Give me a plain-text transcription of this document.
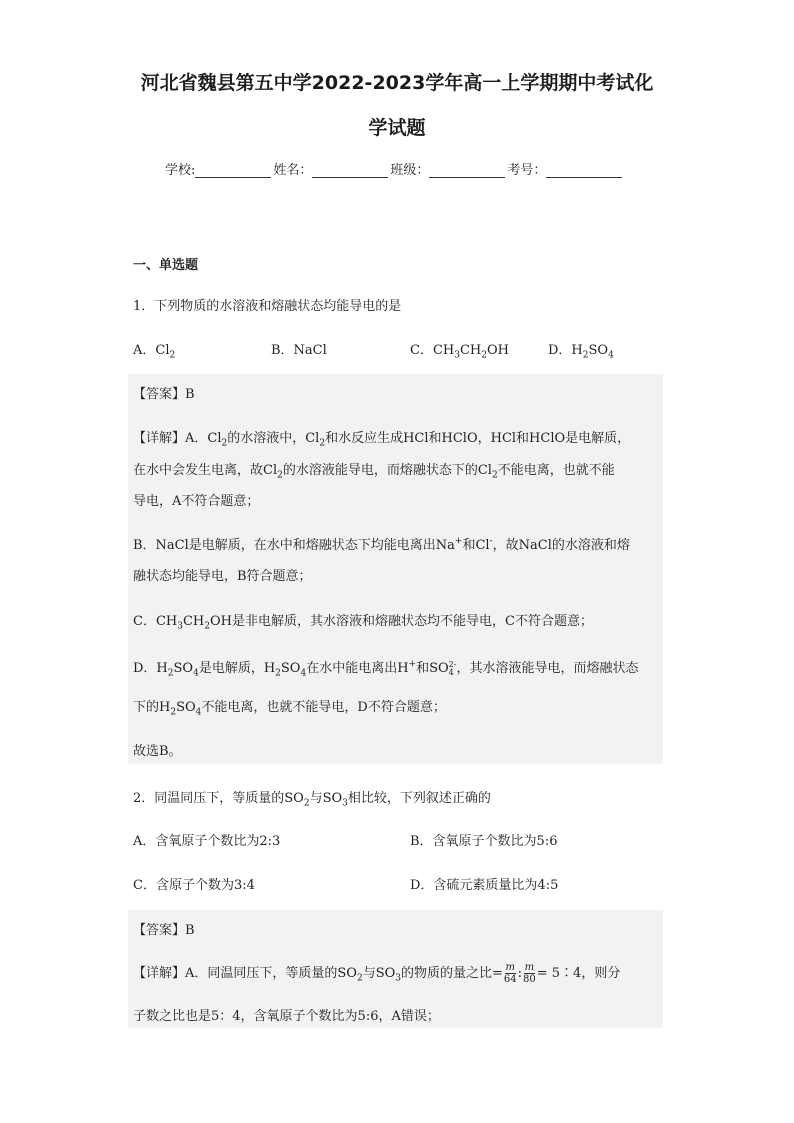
河北省魏县第五中学2022-2023学年高一上学期期中考试化
学试题
学校:	姓名：	班级：	考号：
一、单选题
1．下列物质的水溶液和熔融状态均能导电的是
A．$Cl_2$	B．NaCl	C．$CH_3CH_2OH$	D．$H_2SO_4$
【答案】B
【详解】A．$Cl_2$的水溶液中，$Cl_2$和水反应生成HCl和HClO，HCl和HClO是电解质，
在水中会发生电离，故$Cl_2$的水溶液能导电，而熔融状态下的$Cl_2$不能电离，也就不能
导电，A不符合题意；
B．NaCl是电解质，在水中和熔融状态下均能电离出Na+和Cl-，故NaCl的水溶液和熔
融状态均能导电，B符合题意；
C．$CH_3CH_2OH$是非电解质，其水溶液和熔融状态均不能导电，C不符合题意；
D．$H_2SO_4$是电解质，$H_2SO_4$在水中能电离出H+和SO 2-
4 ，其水溶液能导电，而熔融状态
下的$H_2SO_4$不能电离，也就不能导电，D不符合题意；
故选B。
2．同温同压下，等质量的$SO_2$与$SO_3$相比较，下列叙述正确的
A．含氧原子个数比为2:3	B．含氧原子个数比为5:6
C．含原子个数为3:4	D．含硫元素质量比为4:5
【答案】B
【详解】A．同温同压下，等质量的$SO_2$与$SO_3$的物质的量之比= $\frac{m}{64}$ : $\frac{m}{80}$ = 5∶4，则分
子数之比也是5：4，含氧原子个数比为5:6，A错误；
